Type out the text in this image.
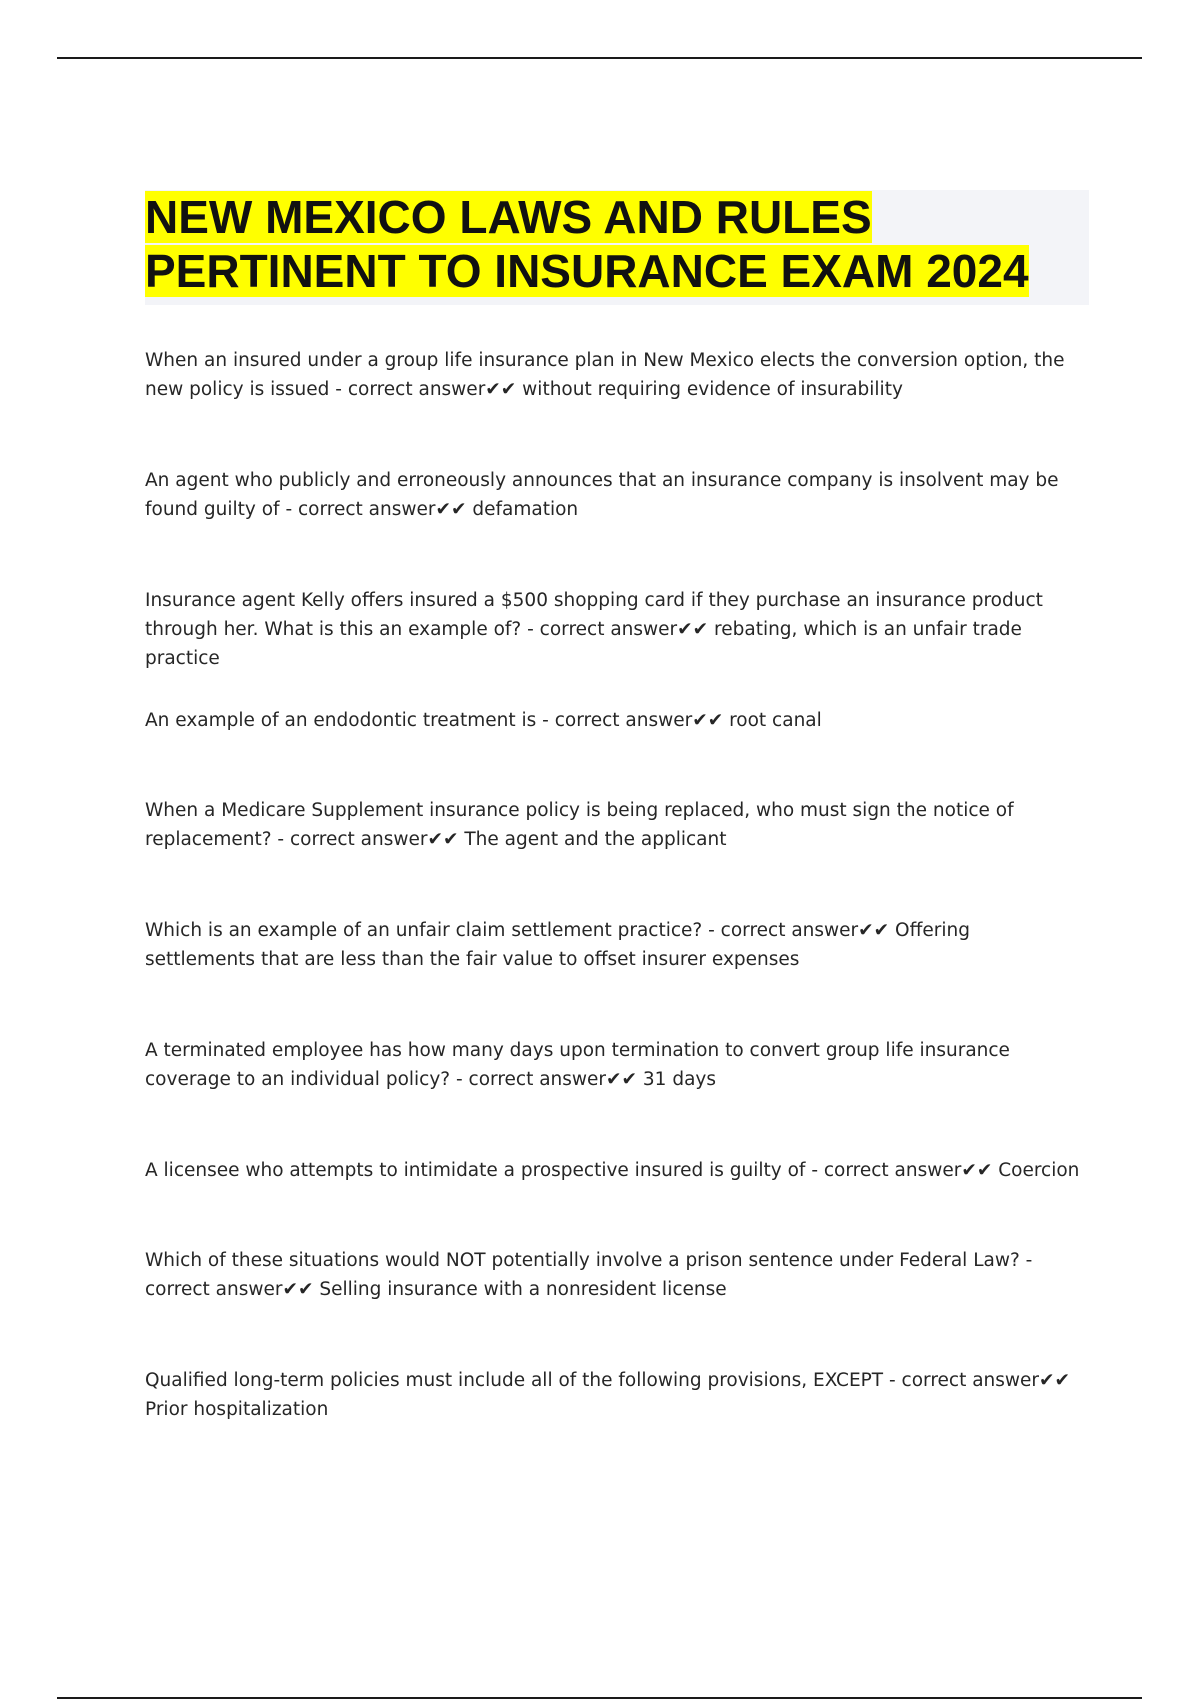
NEW MEXICO LAWS AND RULES
PERTINENT TO INSURANCE EXAM 2024
When an insured under a group life insurance plan in New Mexico elects the conversion option, the new policy is issued - correct answer✔✔ without requiring evidence of insurability
An agent who publicly and erroneously announces that an insurance company is insolvent may be found guilty of - correct answer✔✔ defamation
Insurance agent Kelly offers insured a $500 shopping card if they purchase an insurance product through her. What is this an example of? - correct answer✔✔ rebating, which is an unfair trade practice
An example of an endodontic treatment is - correct answer✔✔ root canal
When a Medicare Supplement insurance policy is being replaced, who must sign the notice of replacement? - correct answer✔✔ The agent and the applicant
Which is an example of an unfair claim settlement practice? - correct answer✔✔ Offering settlements that are less than the fair value to offset insurer expenses
A terminated employee has how many days upon termination to convert group life insurance coverage to an individual policy? - correct answer✔✔ 31 days
A licensee who attempts to intimidate a prospective insured is guilty of - correct answer✔✔ Coercion
Which of these situations would NOT potentially involve a prison sentence under Federal Law? - correct answer✔✔ Selling insurance with a nonresident license
Qualified long-term policies must include all of the following provisions, EXCEPT - correct answer✔✔ Prior hospitalization
